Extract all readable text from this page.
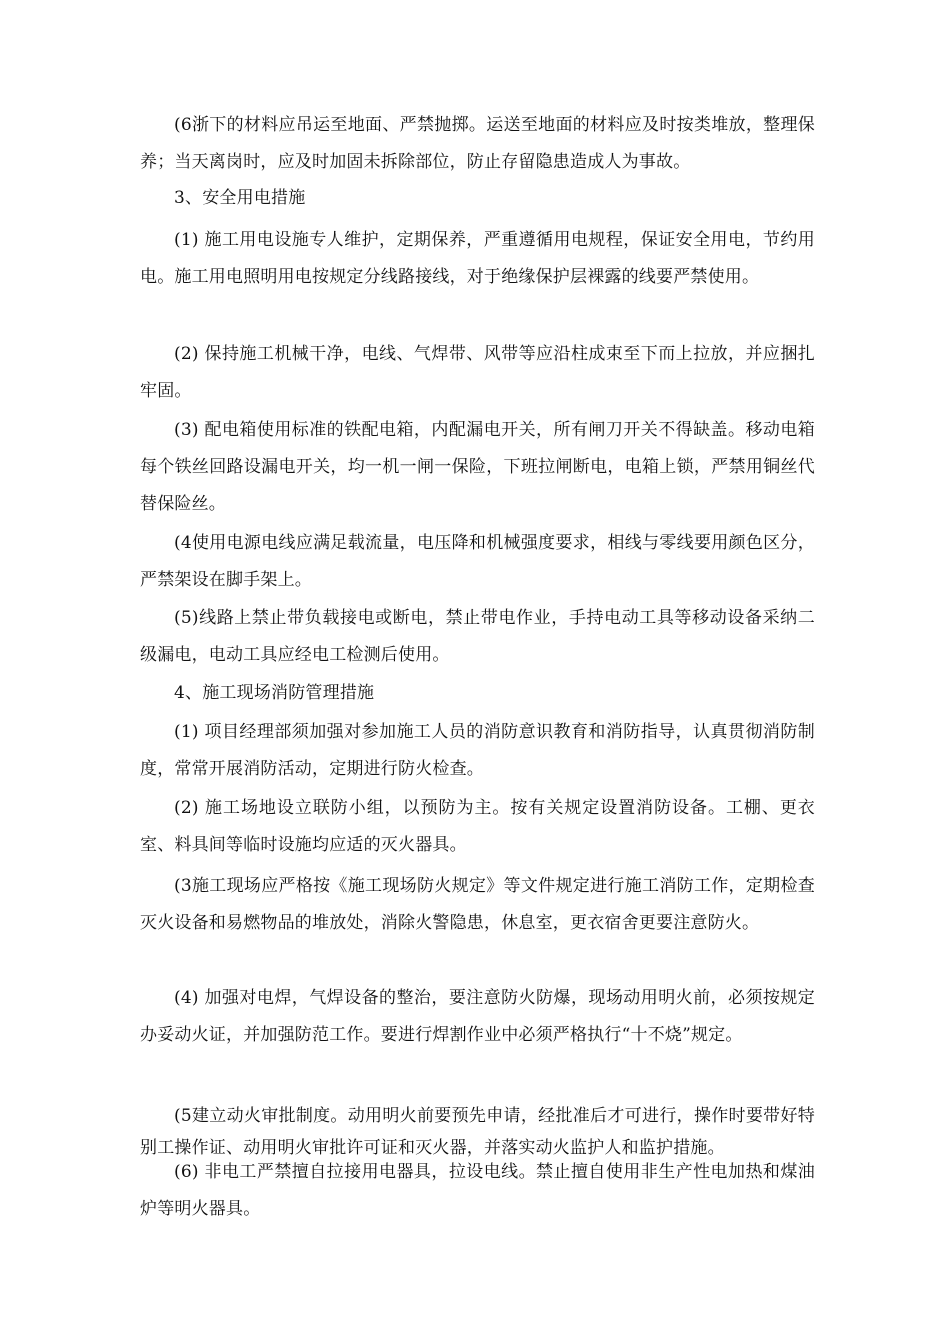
(6浙下的材料应吊运至地面、严禁抛掷。运送至地面的材料应及时按类堆放，整理保养；当天离岗时，应及时加固未拆除部位，防止存留隐患造成人为事故。

3、安全用电措施

(1) 施工用电设施专人维护，定期保养，严重遵循用电规程，保证安全用电，节约用电。施工用电照明用电按规定分线路接线，对于绝缘保护层裸露的线要严禁使用。

(2) 保持施工机械干净，电线、气焊带、风带等应沿柱成束至下而上拉放，并应捆扎牢固。

(3) 配电箱使用标准的铁配电箱，内配漏电开关，所有闸刀开关不得缺盖。移动电箱每个铁丝回路设漏电开关，均一机一闸一保险，下班拉闸断电，电箱上锁，严禁用铜丝代替保险丝。

(4使用电源电线应满足载流量，电压降和机械强度要求，相线与零线要用颜色区分，严禁架设在脚手架上。

(5)线路上禁止带负载接电或断电，禁止带电作业，手持电动工具等移动设备采纳二级漏电，电动工具应经电工检测后使用。

4、施工现场消防管理措施

(1) 项目经理部须加强对参加施工人员的消防意识教育和消防指导，认真贯彻消防制度，常常开展消防活动，定期进行防火检查。

(2) 施工场地设立联防小组，以预防为主。按有关规定设置消防设备。工棚、更衣室、料具间等临时设施均应适的灭火器具。

(3施工现场应严格按《施工现场防火规定》等文件规定进行施工消防工作，定期检查灭火设备和易燃物品的堆放处，消除火警隐患，休息室，更衣宿舍更要注意防火。

(4) 加强对电焊，气焊设备的整治，要注意防火防爆，现场动用明火前，必须按规定办妥动火证，并加强防范工作。要进行焊割作业中必须严格执行“十不烧”规定。

(5建立动火审批制度。动用明火前要预先申请，经批准后才可进行，操作时要带好特别工操作证、动用明火审批许可证和灭火器，并落实动火监护人和监护措施。

(6) 非电工严禁擅自拉接用电器具，拉设电线。禁止擅自使用非生产性电加热和煤油炉等明火器具。
